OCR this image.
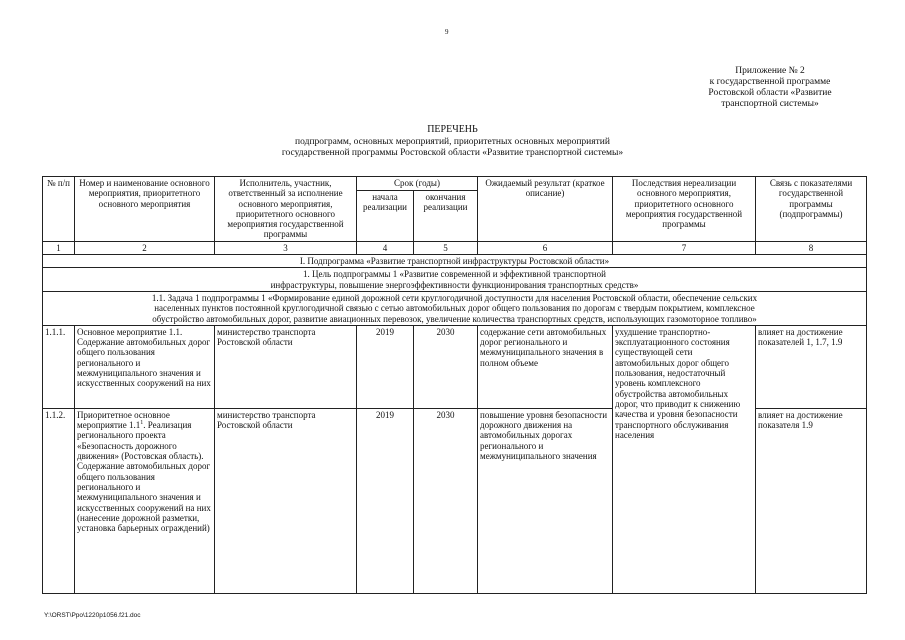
9
Приложение № 2
к государственной программе
Ростовской области «Развитие
транспортной системы»
ПЕРЕЧЕНЬ
подпрограмм, основных мероприятий, приоритетных основных мероприятий
государственной программы Ростовской области «Развитие транспортной системы»
№ п/п	Номер и наименование основного мероприятия, приоритетного основного мероприятия	Исполнитель, участник, ответственный за исполнение основного мероприятия, приоритетного основного мероприятия государственной программы	Срок (годы)		Ожидаемый результат (краткое описание)	Последствия нереализации основного мероприятия, приоритетного основного мероприятия государственной программы	Связь с показателями государственной программы (подпрограммы)
			начала реализации	окончания реализации			
1	2	3	4	5	6	7	8
I. Подпрограмма «Развитие транспортной инфраструктуры Ростовской области»							

1. Цель подпрограммы 1 «Развитие современной и эффективной транспортной
инфраструктуры, повышение энергоэффективности функционирования транспортных средств»							

1.1. Задача 1 подпрограммы 1 «Формирование единой дорожной сети круглогодичной доступности для населения Ростовской области, обеспечение сельских
населенных пунктов постоянной круглогодичной связью с сетью автомобильных дорог общего пользования по дорогам с твердым покрытием, комплексное
обустройство автомобильных дорог, развитие авиационных перевозок, увеличение количества транспортных средств, использующих газомоторное топливо»							

1.1.1.	Основное мероприятие 1.1. Содержание автомобильных дорог общего пользования регионального и межмуниципального значения и искусственных сооружений на них	министерство транспорта Ростовской области	2019	2030	содержание сети автомобильных дорог регионального и межмуниципального значения в полном объеме	ухудшение транспортно-эксплуатационного состояния существующей сети автомобильных дорог общего пользования, недостаточный уровень комплексного обустройства автомобильных дорог, что приводит к снижению качества и уровня безопасности транспортного обслуживания населения	влияет на достижение показателей 1, 1.7, 1.9
1.1.2.	Приоритетное основное мероприятие $1.1^1$. Реализация регионального проекта «Безопасность дорожного движения» (Ростовская область). Содержание автомобильных дорог общего пользования регионального и межмуниципального значения и искусственных сооружений на них (нанесение дорожной разметки, установка барьерных ограждений)	министерство транспорта Ростовской области	2019	2030	повышение уровня безопасности дорожного движения на автомобильных дорогах регионального и межмуниципального значения		влияет на достижение показателя 1.9
Y:\ORST\Ppo\1220p1056.f21.doc
